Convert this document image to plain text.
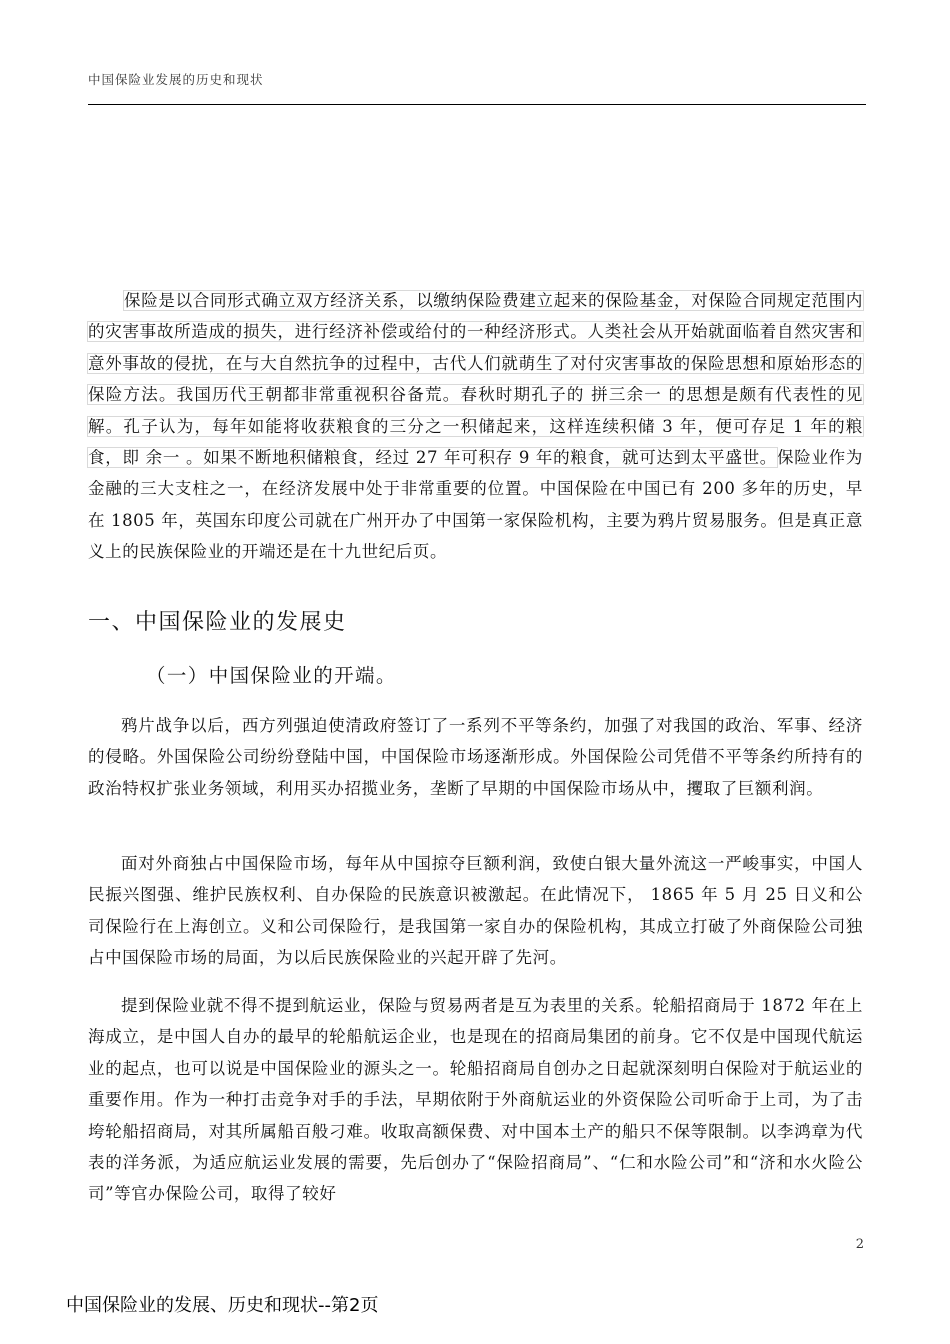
中国保险业发展的历史和现状

保险是以合同形式确立双方经济关系，以缴纳保险费建立起来的保险基金，对保险合同规定范围内的灾害事故所造成的损失，进行经济补偿或给付的一种经济形式。人类社会从开始就面临着自然灾害和意外事故的侵扰，在与大自然抗争的过程中，古代人们就萌生了对付灾害事故的保险思想和原始形态的保险方法。我国历代王朝都非常重视积谷备荒。春秋时期孔子的 拼三余一 的思想是颇有代表性的见解。孔子认为，每年如能将收获粮食的三分之一积储起来，这样连续积储 3 年，便可存足 1 年的粮食，即 余一 。如果不断地积储粮食，经过 27 年可积存 9 年的粮食，就可达到太平盛世。保险业作为金融的三大支柱之一，在经济发展中处于非常重要的位置。中国保险在中国已有 200 多年的历史，早在 1805 年，英国东印度公司就在广州开办了中国第一家保险机构，主要为鸦片贸易服务。但是真正意义上的民族保险业的开端还是在十九世纪后页。

一、中国保险业的发展史
（一）中国保险业的开端。

鸦片战争以后，西方列强迫使清政府签订了一系列不平等条约，加强了对我国的政治、军事、经济的侵略。外国保险公司纷纷登陆中国，中国保险市场逐渐形成。外国保险公司凭借不平等条约所持有的政治特权扩张业务领域，利用买办招揽业务，垄断了早期的中国保险市场从中，攫取了巨额利润。

面对外商独占中国保险市场，每年从中国掠夺巨额利润，致使白银大量外流这一严峻事实，中国人民振兴图强、维护民族权利、自办保险的民族意识被激起。在此情况下， 1865 年 5 月 25 日义和公司保险行在上海创立。义和公司保险行，是我国第一家自办的保险机构，其成立打破了外商保险公司独占中国保险市场的局面，为以后民族保险业的兴起开辟了先河。

提到保险业就不得不提到航运业，保险与贸易两者是互为表里的关系。轮船招商局于 1872 年在上海成立，是中国人自办的最早的轮船航运企业，也是现在的招商局集团的前身。它不仅是中国现代航运业的起点，也可以说是中国保险业的源头之一。轮船招商局自创办之日起就深刻明白保险对于航运业的重要作用。作为一种打击竞争对手的手法，早期依附于外商航运业的外资保险公司听命于上司，为了击垮轮船招商局，对其所属船百般刁难。收取高额保费、对中国本土产的船只不保等限制。以李鸿章为代表的洋务派，为适应航运业发展的需要，先后创办了“保险招商局”、“仁和水险公司”和“济和水火险公司”等官办保险公司，取得了较好

2
中国保险业的发展、历史和现状--第2页
